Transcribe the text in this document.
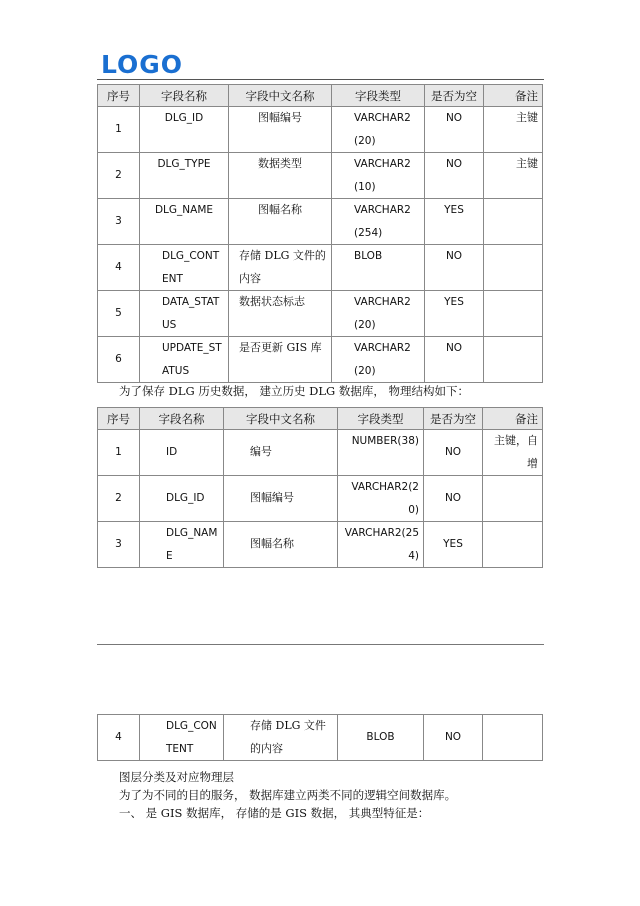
LOGO
序号	字段名称	字段中文名称	字段类型	是否为空	备注
1	DLG_ID	图幅编号	VARCHAR2(20)	NO	主键
2	DLG_TYPE	数据类型	VARCHAR2(10)	NO	主键
3	DLG_NAME	图幅名称	VARCHAR2(254)	YES	
4	DLG_CONTENT	存储 DLG 文件的内容	BLOB	NO	
5	DATA_STATUS	数据状态标志	VARCHAR2(20)	YES	
6	UPDATE_STATUS	是否更新 GIS 库	VARCHAR2(20)	NO	
为了保存 DLG 历史数据， 建立历史 DLG 数据库， 物理结构如下：
序号	字段名称	字段中文名称	字段类型	是否为空	备注
1	ID	编号	NUMBER(38)	NO	主键，自增
2	DLG_ID	图幅编号	VARCHAR2(20)	NO	
3	DLG_NAME	图幅名称	VARCHAR2(254)	YES	
4	DLG_CONTENT	存储 DLG 文件的内容	BLOB	NO	
图层分类及对应物理层
为了为不同的目的服务， 数据库建立两类不同的逻辑空间数据库。
一、 是 GIS 数据库， 存储的是 GIS 数据， 其典型特征是：
